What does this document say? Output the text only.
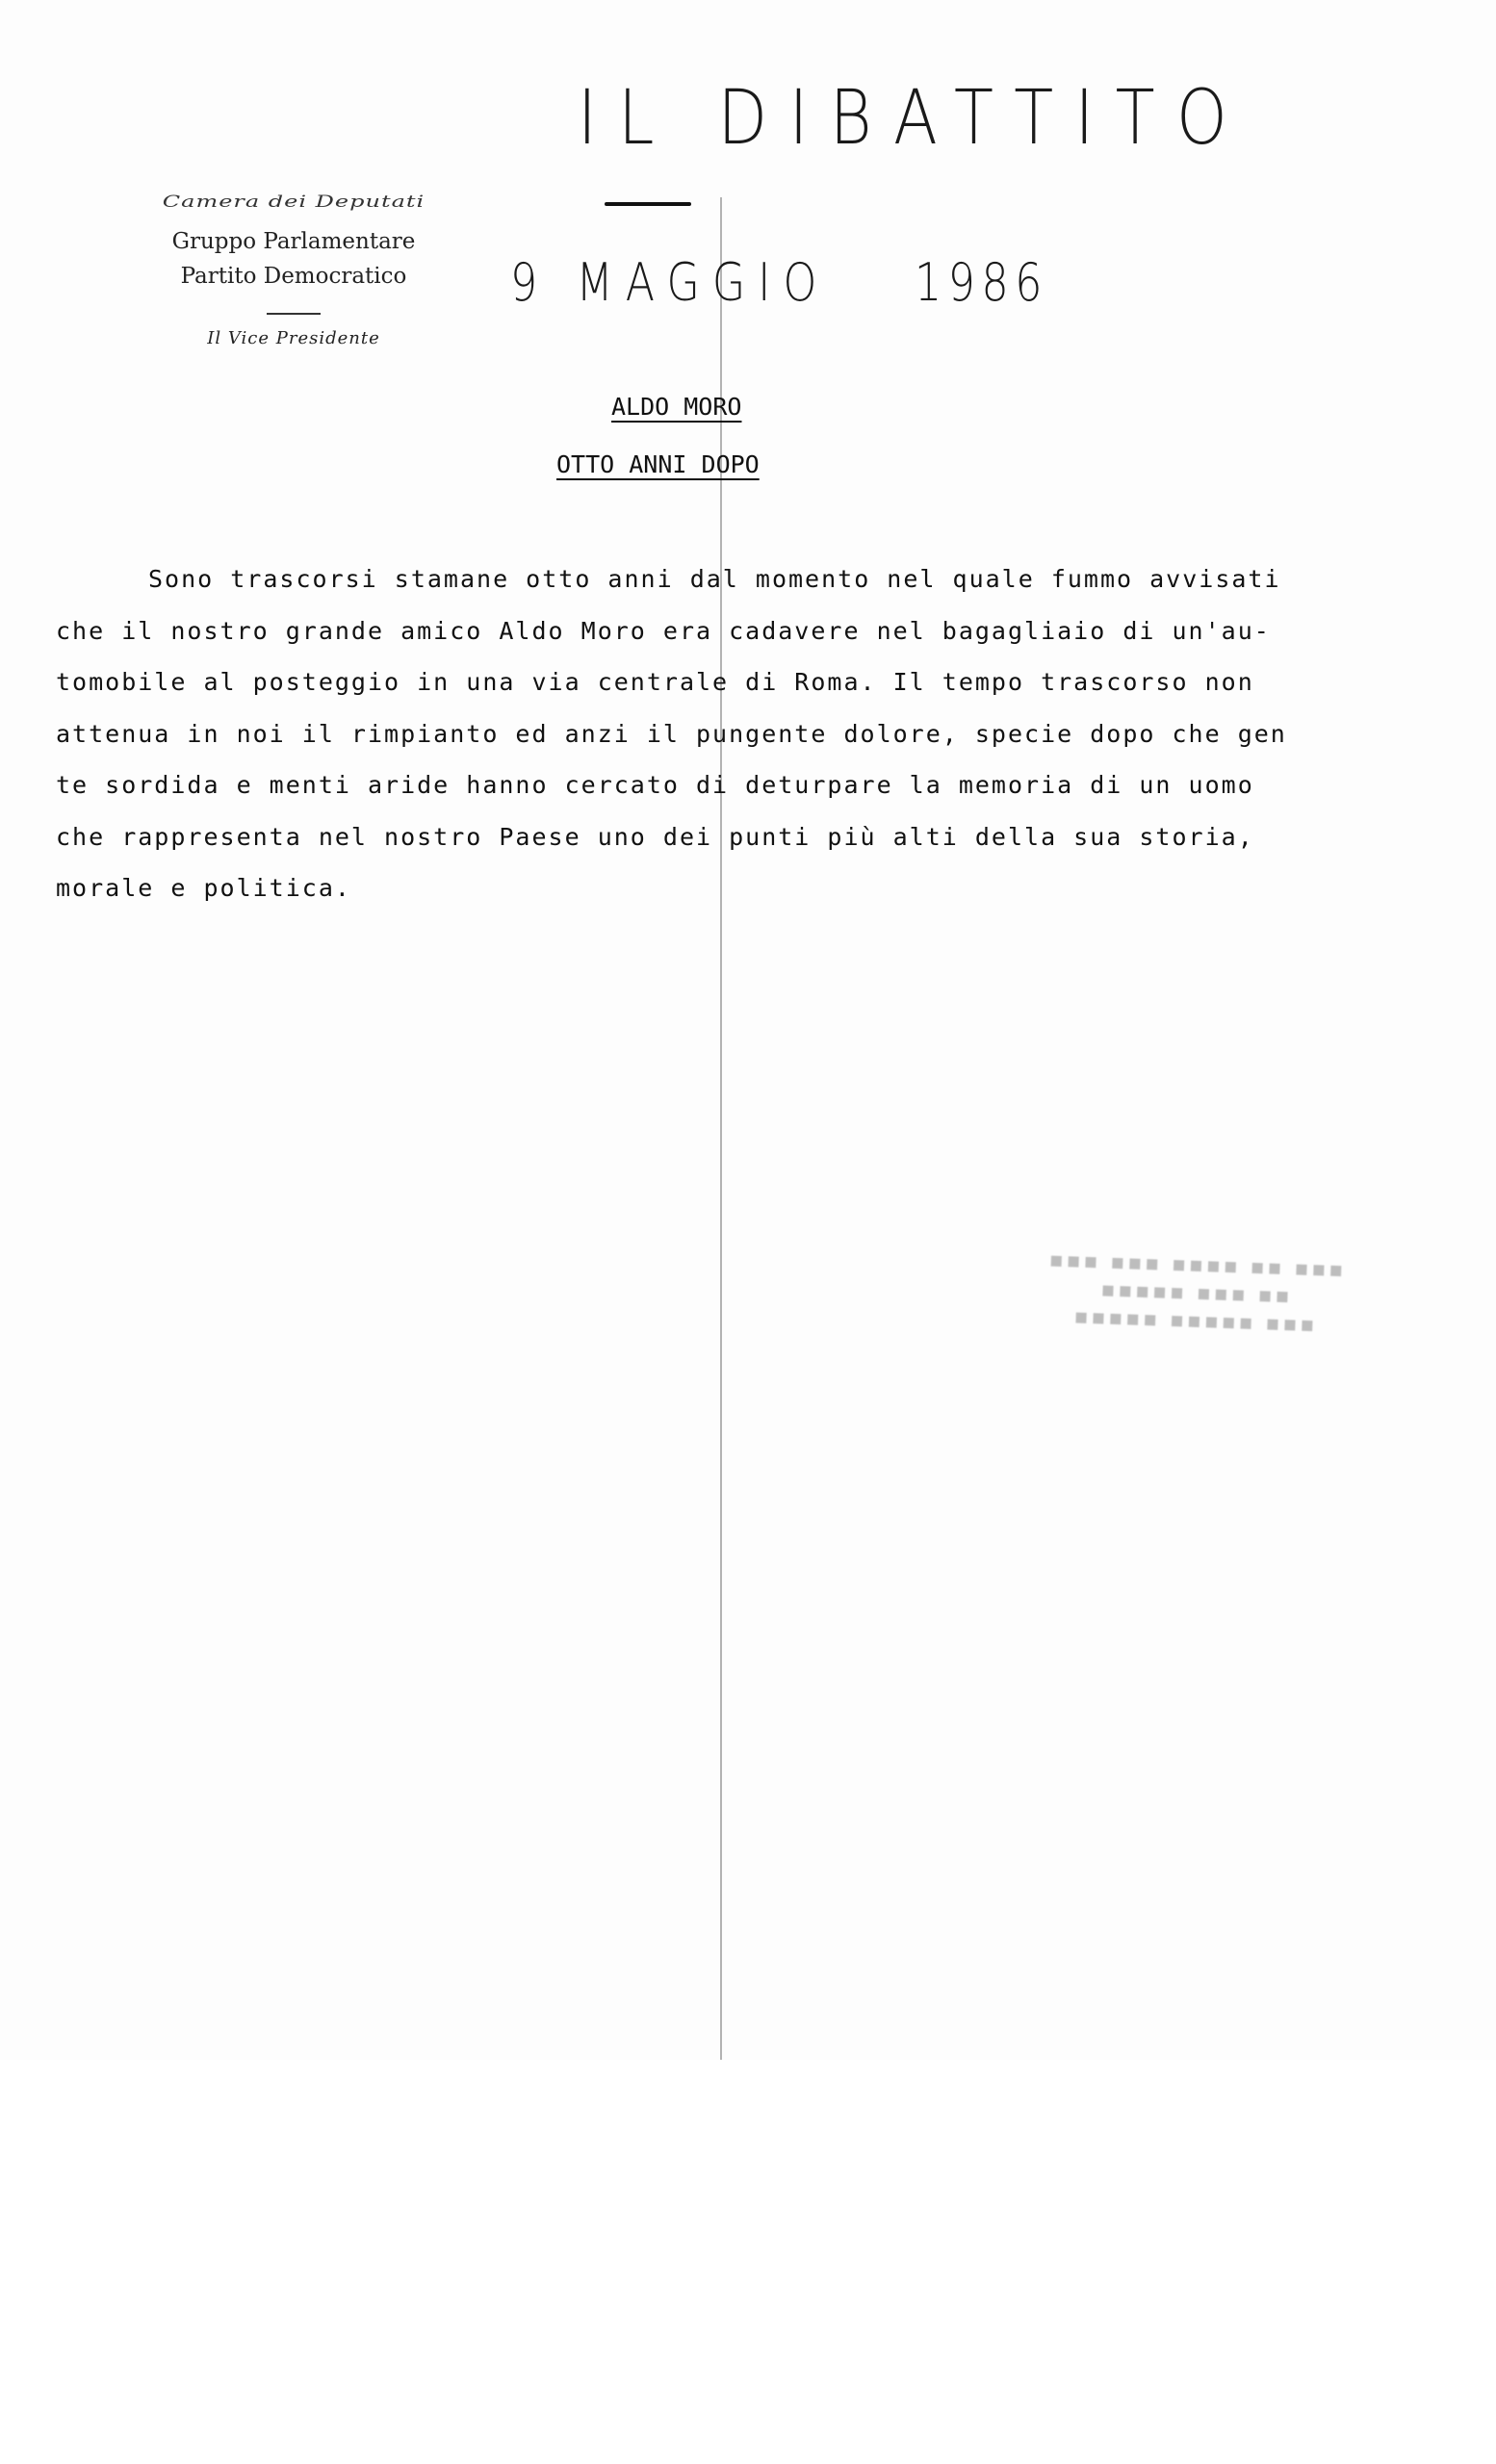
IL DIBATTITO
9 MAGGIO 1986
Camera dei Deputati
Gruppo Parlamentare
Partito Democratico
Il Vice Presidente
ALDO MORO
OTTO ANNI DOPO
Sono trascorsi stamane otto anni dal momento nel quale fummo avvisati
che il nostro grande amico Aldo Moro era cadavere nel bagagliaio di un'au-
tomobile al posteggio in una via centrale di Roma. Il tempo trascorso non
attenua in noi il rimpianto ed anzi il pungente dolore, specie dopo che gen
te sordida e menti aride hanno cercato di deturpare la memoria di un uomo
che rappresenta nel nostro Paese uno dei punti più alti della sua storia,
morale e politica.
▪▪▪ ▪▪▪ ▪▪▪▪ ▪▪ ▪▪▪
▪▪▪▪▪ ▪▪▪ ▪▪
▪▪▪▪▪ ▪▪▪▪▪ ▪▪▪
